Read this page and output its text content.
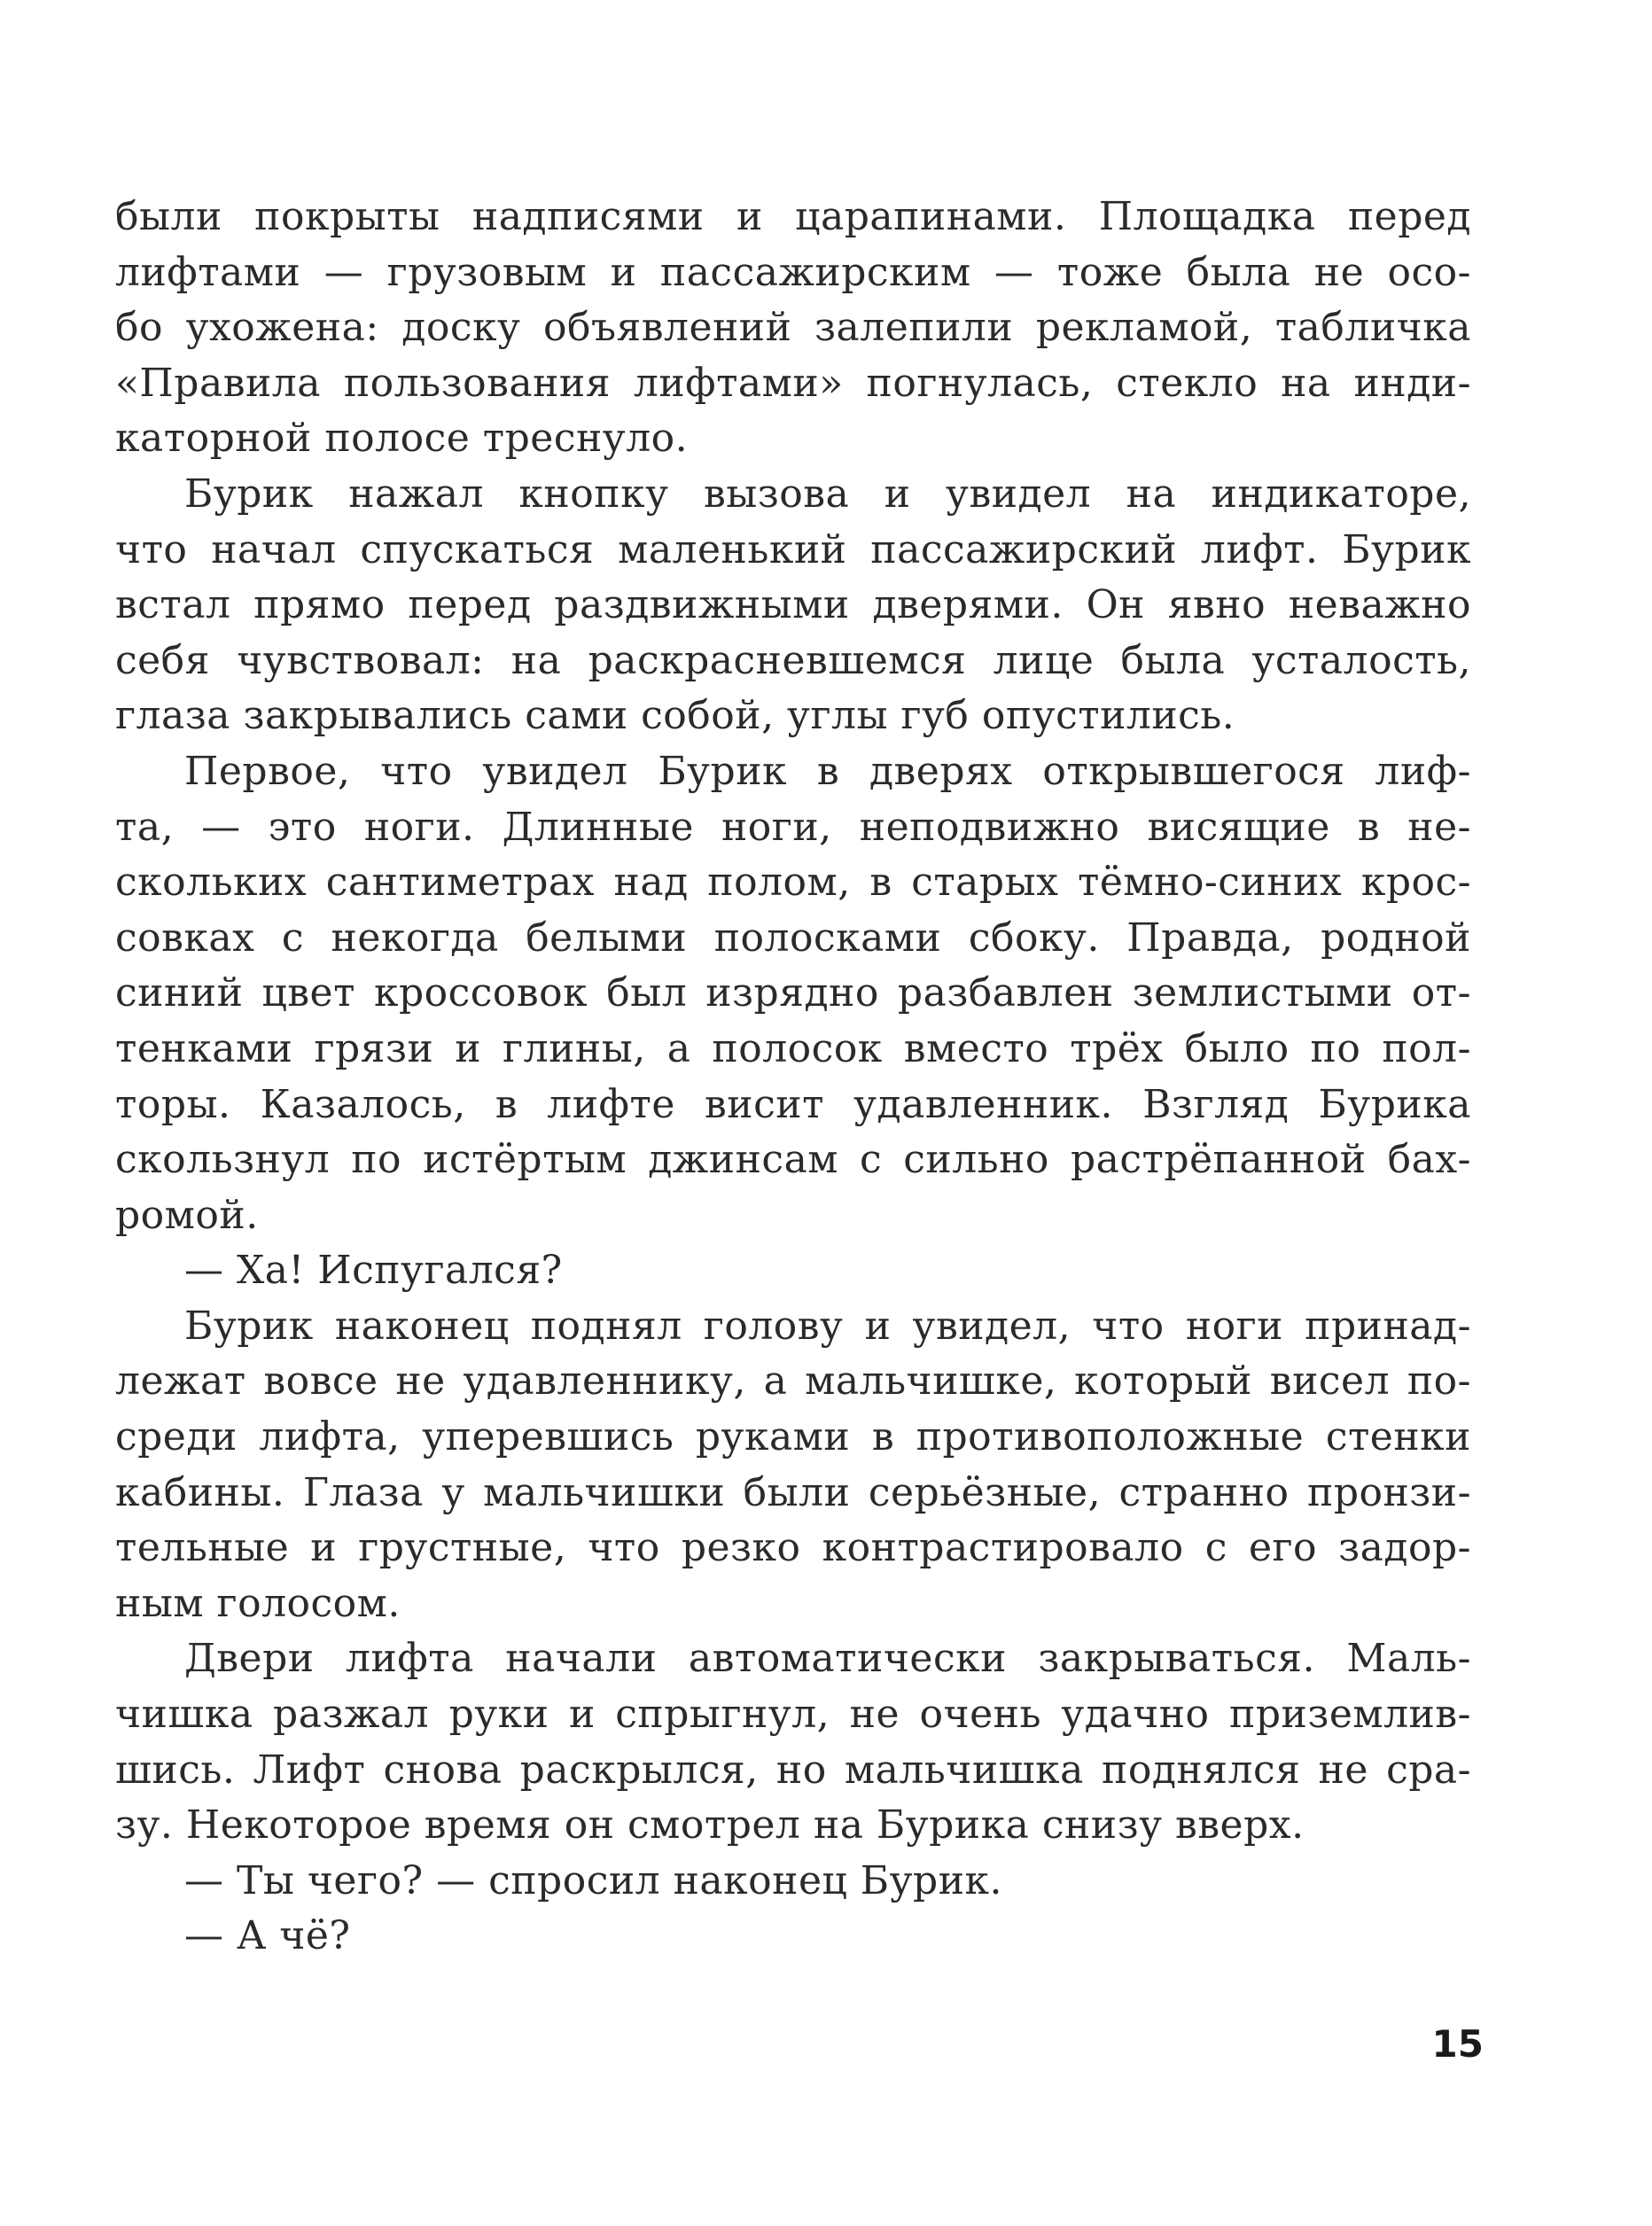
были покрыты надписями и царапинами. Площадка перед
лифтами — грузовым и пассажирским — тоже была не осо-
бо ухожена: доску объявлений залепили рекламой, табличка
«Правила пользования лифтами» погнулась, стекло на инди-
каторной полосе треснуло.
Бурик нажал кнопку вызова и увидел на индикаторе,
что начал спускаться маленький пассажирский лифт. Бурик
встал прямо перед раздвижными дверями. Он явно неважно
себя чувствовал: на раскрасневшемся лице была усталость,
глаза закрывались сами собой, углы губ опустились.
Первое, что увидел Бурик в дверях открывшегося лиф-
та, — это ноги. Длинные ноги, неподвижно висящие в не-
скольких сантиметрах над полом, в старых тёмно-синих крос-
совках с некогда белыми полосками сбоку. Правда, родной
синий цвет кроссовок был изрядно разбавлен землистыми от-
тенками грязи и глины, а полосок вместо трёх было по пол-
торы. Казалось, в лифте висит удавленник. Взгляд Бурика
скользнул по истёртым джинсам с сильно растрёпанной бах-
ромой.
— Ха! Испугался?
Бурик наконец поднял голову и увидел, что ноги принад-
лежат вовсе не удавленнику, а мальчишке, который висел по-
среди лифта, уперевшись руками в противоположные стенки
кабины. Глаза у мальчишки были серьёзные, странно пронзи-
тельные и грустные, что резко контрастировало с его задор-
ным голосом.
Двери лифта начали автоматически закрываться. Маль-
чишка разжал руки и спрыгнул, не очень удачно приземлив-
шись. Лифт снова раскрылся, но мальчишка поднялся не сра-
зу. Некоторое время он смотрел на Бурика снизу вверх.
— Ты чего? — спросил наконец Бурик.
— А чё?
15
